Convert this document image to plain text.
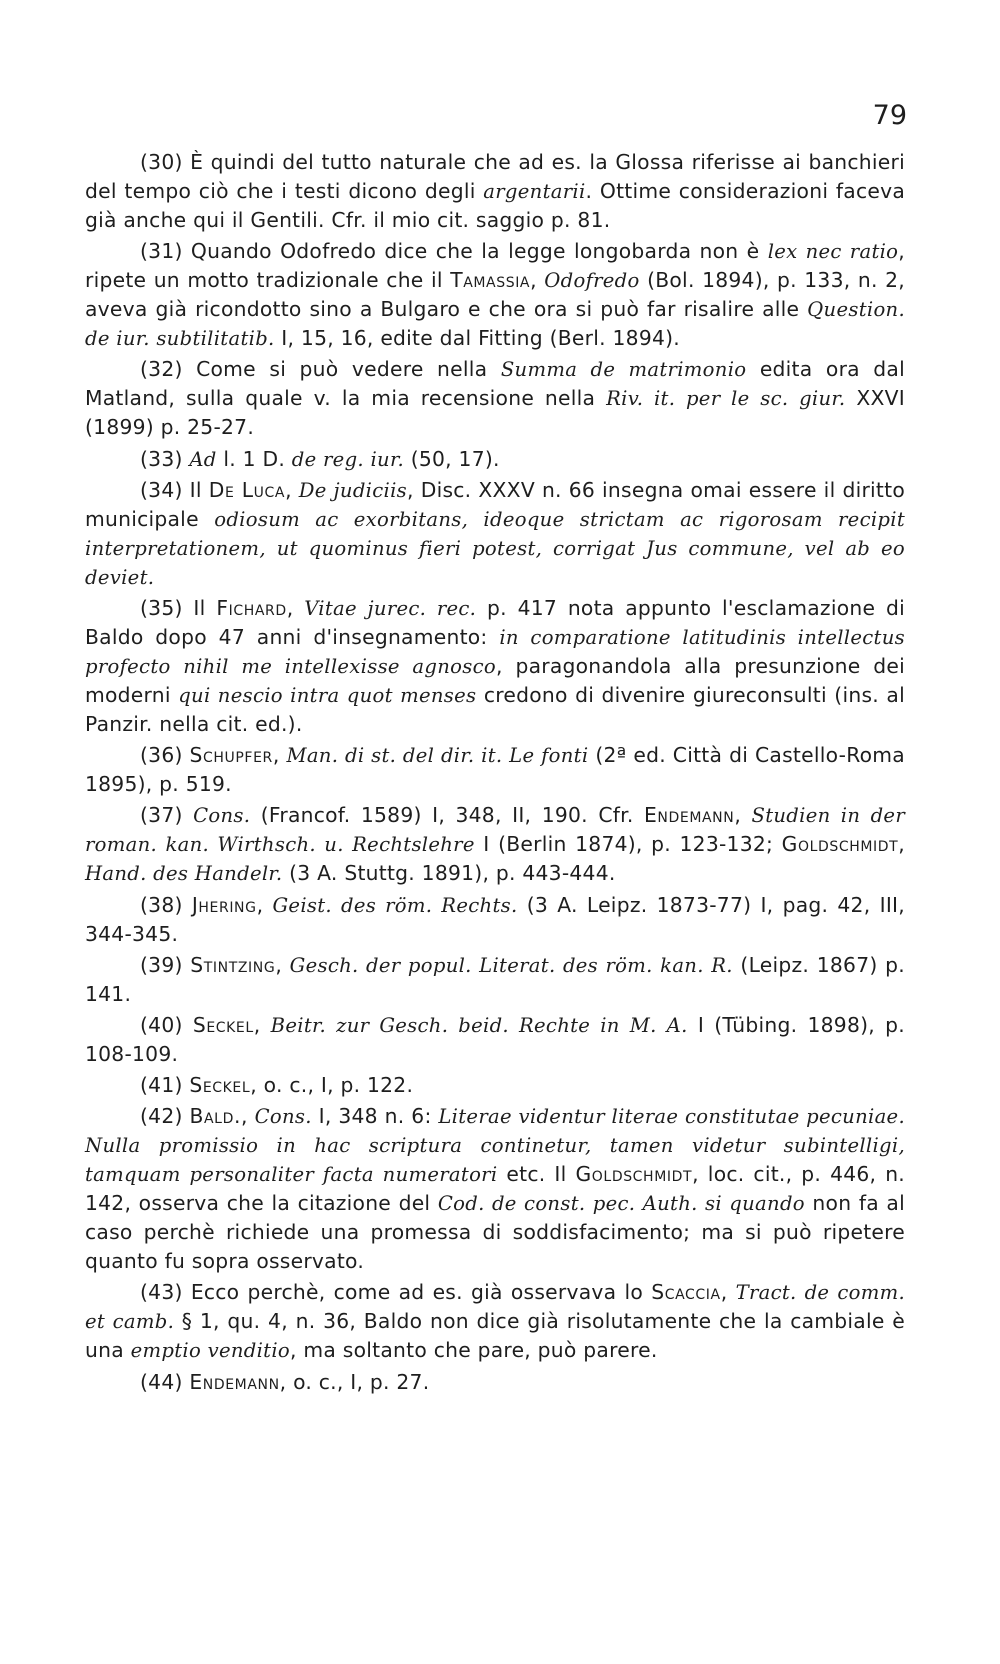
79

(30) È quindi del tutto naturale che ad es. la Glossa riferisse ai banchieri del tempo ciò che i testi dicono degli argentarii. Ottime considerazioni faceva già anche qui il Gentili. Cfr. il mio cit. saggio p. 81.

(31) Quando Odofredo dice che la legge longobarda non è lex nec ratio, ripete un motto tradizionale che il Tamassia, Odofredo (Bol. 1894), p. 133, n. 2, aveva già ricondotto sino a Bulgaro e che ora si può far risalire alle Question. de iur. subtilitatib. I, 15, 16, edite dal Fitting (Berl. 1894).

(32) Come si può vedere nella Summa de matrimonio edita ora dal Matland, sulla quale v. la mia recensione nella Riv. it. per le sc. giur. XXVI (1899) p. 25-27.

(33) Ad l. 1 D. de reg. iur. (50, 17).

(34) Il De Luca, De judiciis, Disc. XXXV n. 66 insegna omai essere il diritto municipale odiosum ac exorbitans, ideoque strictam ac rigorosam recipit interpretationem, ut quominus fieri potest, corrigat Jus commune, vel ab eo deviet.

(35) Il Fichard, Vitae jurec. rec. p. 417 nota appunto l'esclamazione di Baldo dopo 47 anni d'insegnamento: in comparatione latitudinis intellectus profecto nihil me intellexisse agnosco, paragonandola alla presunzione dei moderni qui nescio intra quot menses credono di divenire giureconsulti (ins. al Panzir. nella cit. ed.).

(36) Schupfer, Man. di st. del dir. it. Le fonti (2ª ed. Città di Castello-Roma 1895), p. 519.

(37) Cons. (Francof. 1589) I, 348, II, 190. Cfr. Endemann, Studien in der roman. kan. Wirthsch. u. Rechtslehre I (Berlin 1874), p. 123-132; Goldschmidt, Hand. des Handelr. (3 A. Stuttg. 1891), p. 443-444.

(38) Jhering, Geist. des röm. Rechts. (3 A. Leipz. 1873-77) I, pag. 42, III, 344-345.

(39) Stintzing, Gesch. der popul. Literat. des röm. kan. R. (Leipz. 1867) p. 141.

(40) Seckel, Beitr. zur Gesch. beid. Rechte in M. A. I (Tübing. 1898), p. 108-109.

(41) Seckel, o. c., I, p. 122.

(42) Bald., Cons. I, 348 n. 6: Literae videntur literae constitutae pecuniae. Nulla promissio in hac scriptura continetur, tamen videtur subintelligi, tamquam personaliter facta numeratori etc. Il Goldschmidt, loc. cit., p. 446, n. 142, osserva che la citazione del Cod. de const. pec. Auth. si quando non fa al caso perchè richiede una promessa di soddisfacimento; ma si può ripetere quanto fu sopra osservato.

(43) Ecco perchè, come ad es. già osservava lo Scaccia, Tract. de comm. et camb. § 1, qu. 4, n. 36, Baldo non dice già risolutamente che la cambiale è una emptio venditio, ma soltanto che pare, può parere.

(44) Endemann, o. c., I, p. 27.
